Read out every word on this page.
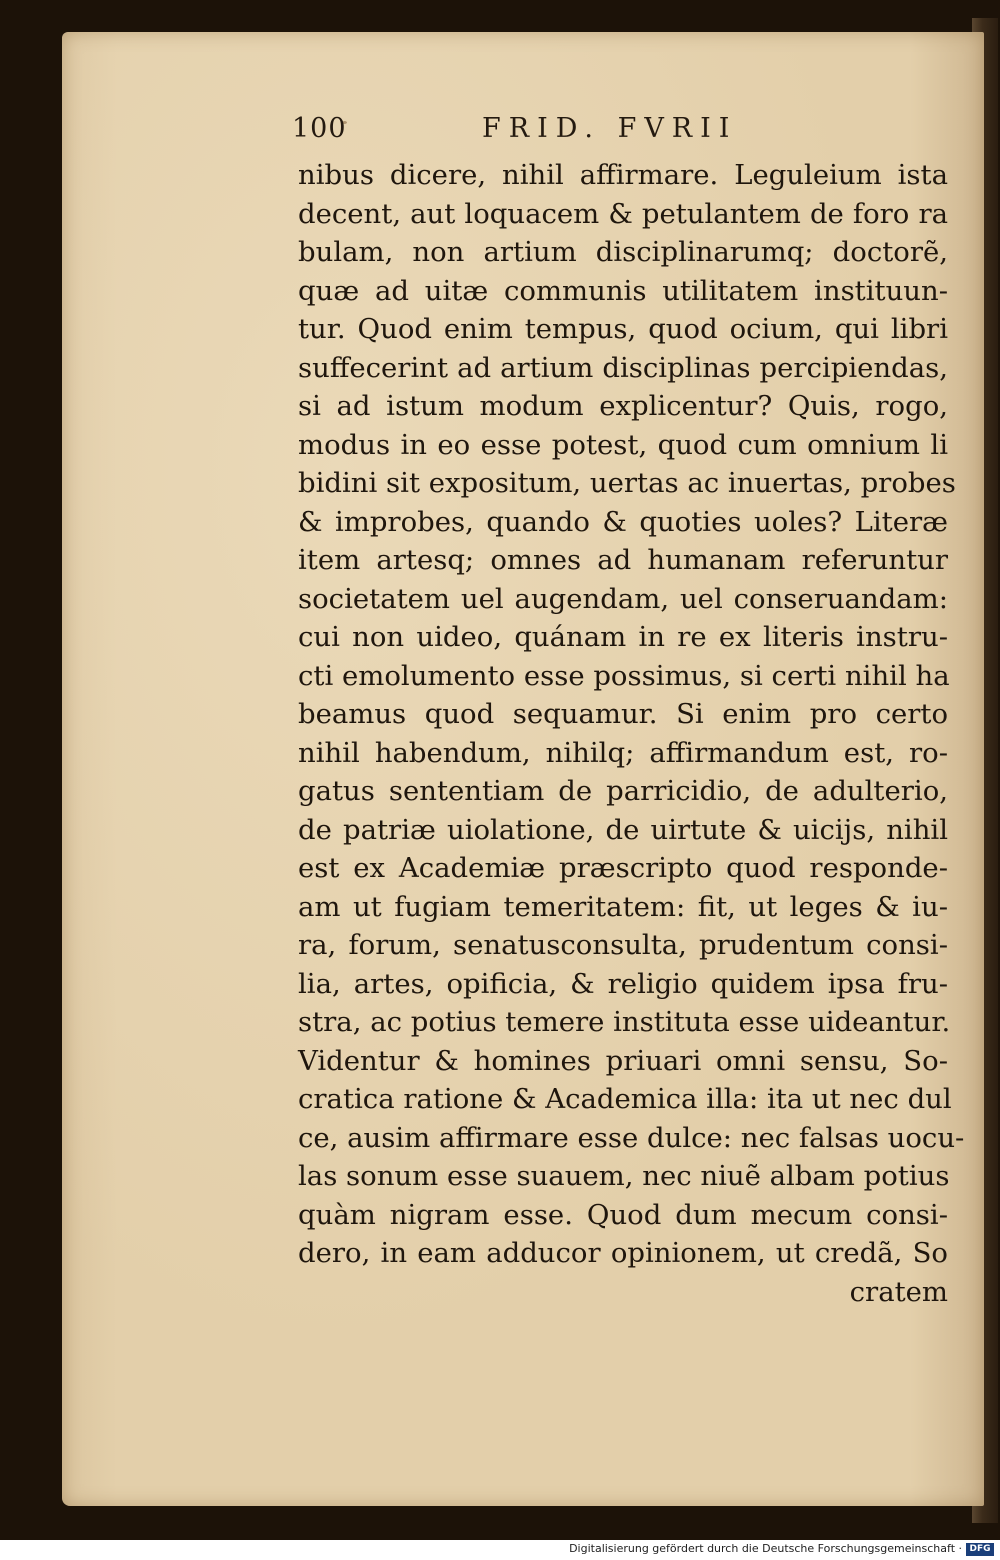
100	FRID. FVRII
nibus dicere, nihil affirmare. Leguleium ista
decent, aut loquacem & petulantem de foro ra
bulam, non artium disciplinarumq; doctorẽ,
quæ ad uitæ communis utilitatem instituun-
tur. Quod enim tempus, quod ocium, qui libri
suffecerint ad artium disciplinas percipiendas,
si ad istum modum explicentur? Quis, rogo,
modus in eo esse potest, quod cum omnium li
bidini sit expositum, uertas ac inuertas, probes
& improbes, quando & quoties uoles? Literæ
item artesq; omnes ad humanam referuntur
societatem uel augendam, uel conseruandam:
cui non uideo, quánam in re ex literis instru-
cti emolumento esse possimus, si certi nihil ha
beamus quod sequamur. Si enim pro certo
nihil habendum, nihilq; affirmandum est, ro-
gatus sententiam de parricidio, de adulterio,
de patriæ uiolatione, de uirtute & uicijs, nihil
est ex Academiæ præscripto quod responde-
am ut fugiam temeritatem: fit, ut leges & iu-
ra, forum, senatusconsulta, prudentum consi-
lia, artes, opificia, & religio quidem ipsa fru-
stra, ac potius temere instituta esse uideantur.
Videntur & homines priuari omni sensu, So-
cratica ratione & Academica illa: ita ut nec dul
ce, ausim affirmare esse dulce: nec falsas uocu-
las sonum esse suauem, nec niuẽ albam potius
quàm nigram esse. Quod dum mecum consi-
dero, in eam adducor opinionem, ut credã, So
cratem
Digitalisierung gefördert durch die Deutsche Forschungsgemeinschaft · DFG
